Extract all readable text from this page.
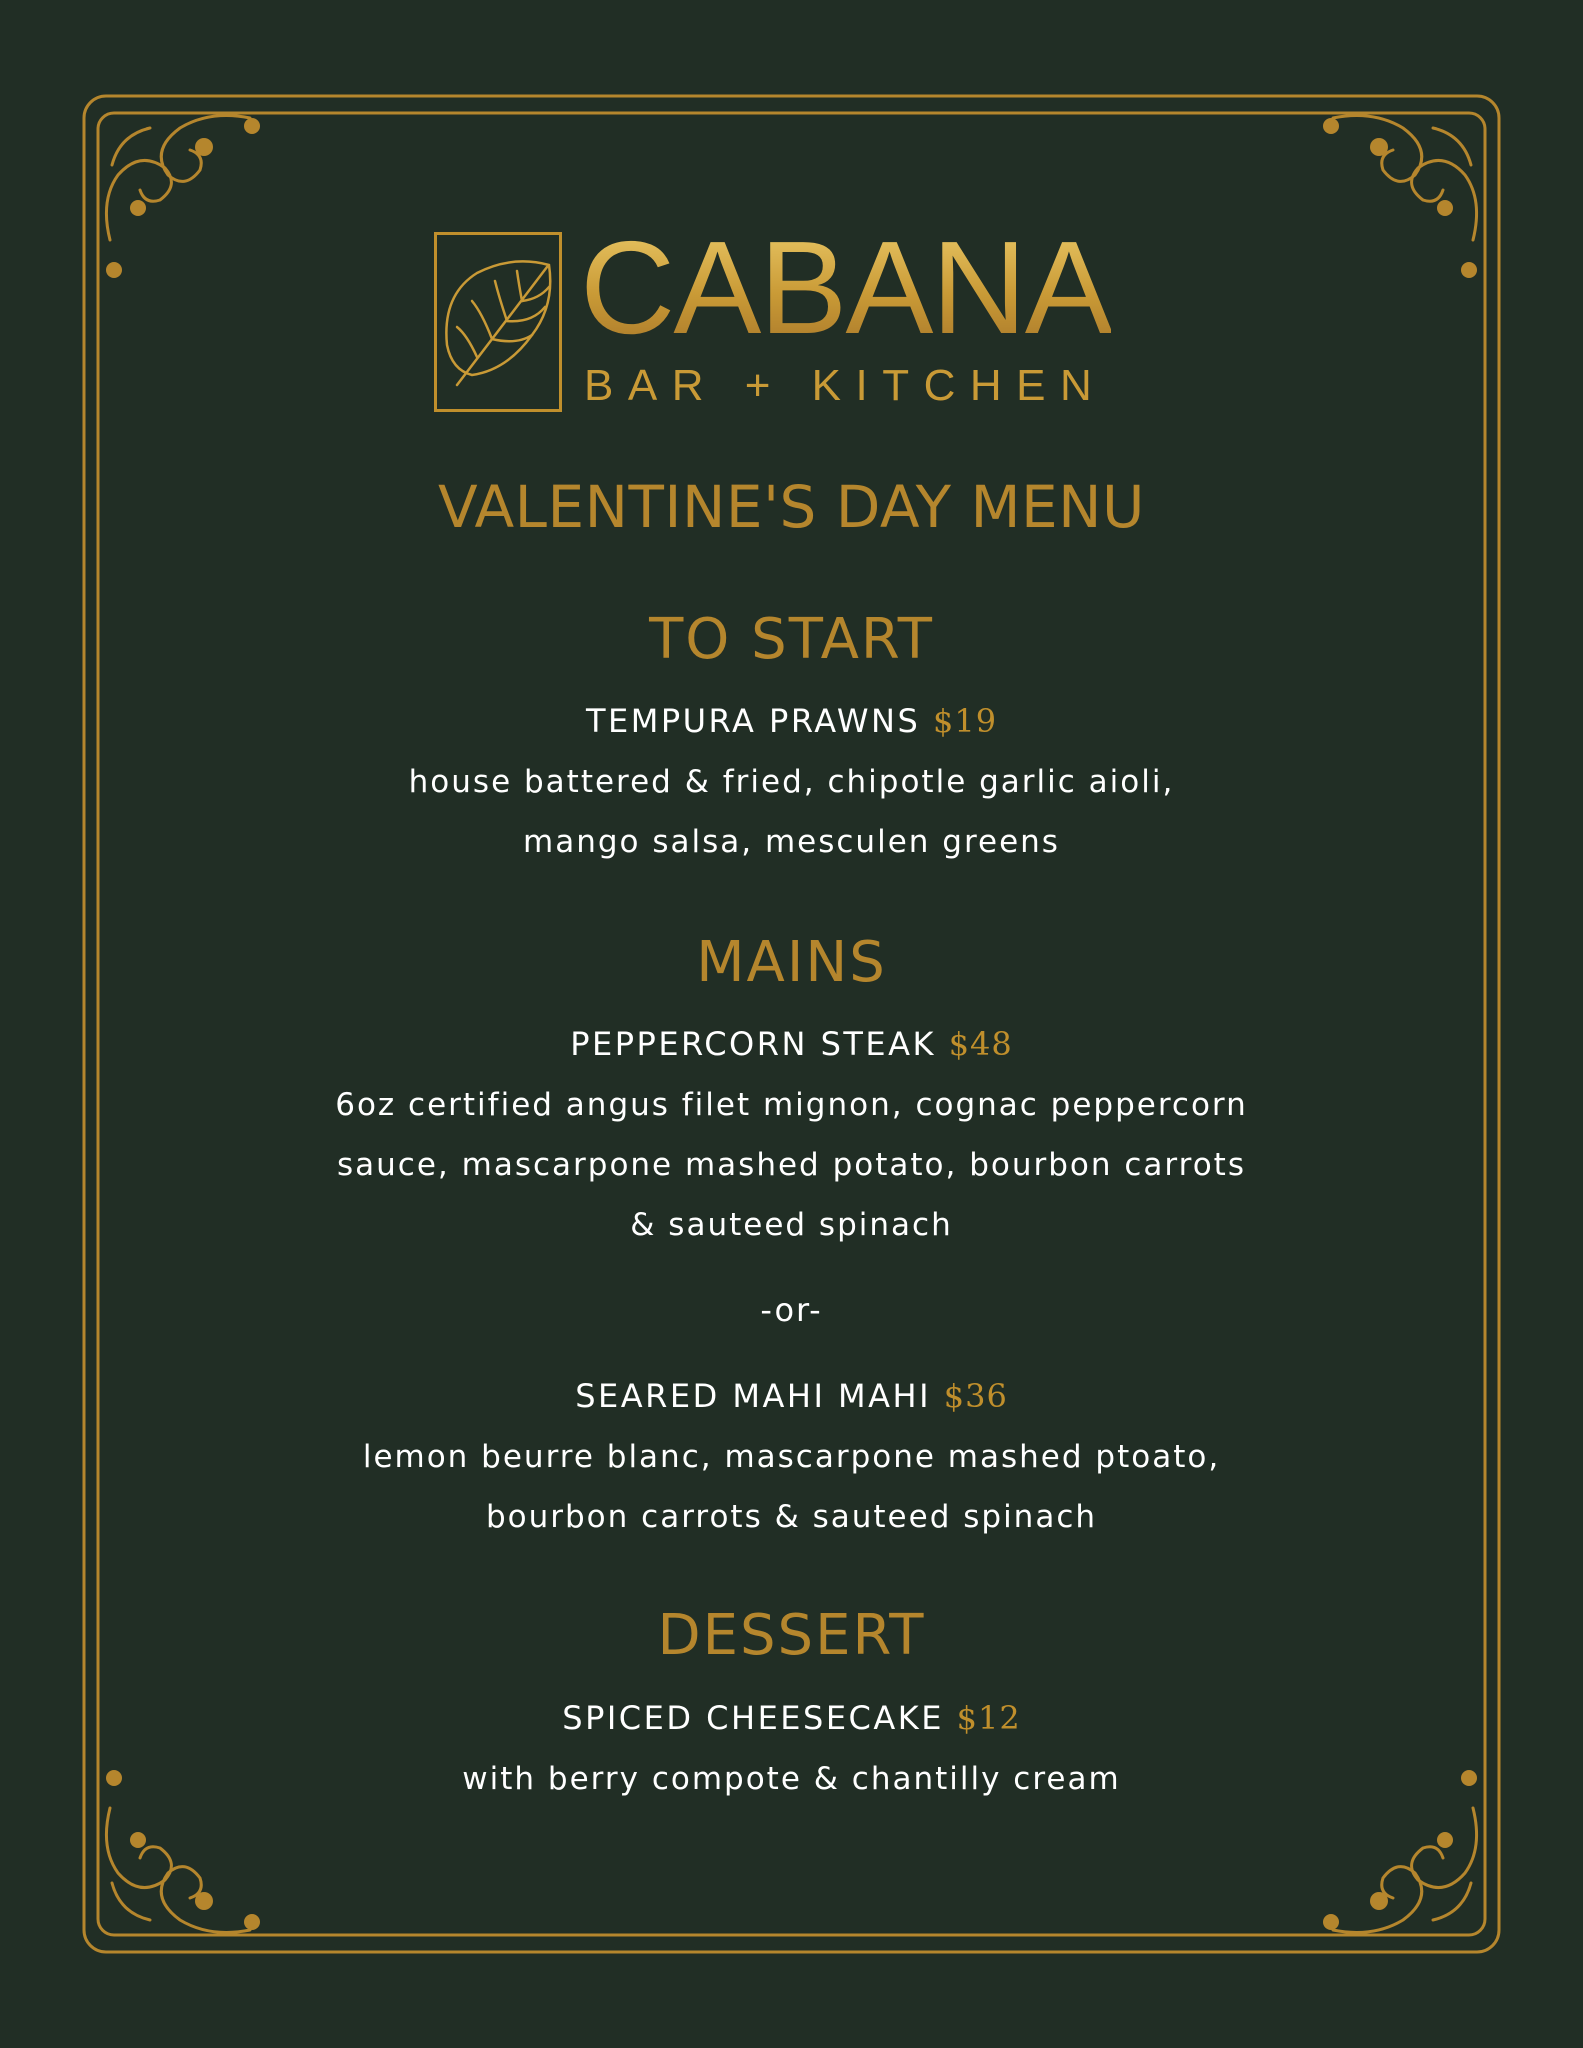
CABANA
BAR + KITCHEN
VALENTINE'S DAY MENU
TO START
TEMPURA PRAWNS $19
house battered & fried, chipotle garlic aioli,
mango salsa, mesculen greens
MAINS
PEPPERCORN STEAK $48
6oz certified angus filet mignon, cognac peppercorn
sauce, mascarpone mashed potato, bourbon carrots
& sauteed spinach
-or-
SEARED MAHI MAHI $36
lemon beurre blanc, mascarpone mashed ptoato,
bourbon carrots & sauteed spinach
DESSERT
SPICED CHEESECAKE $12
with berry compote & chantilly cream
